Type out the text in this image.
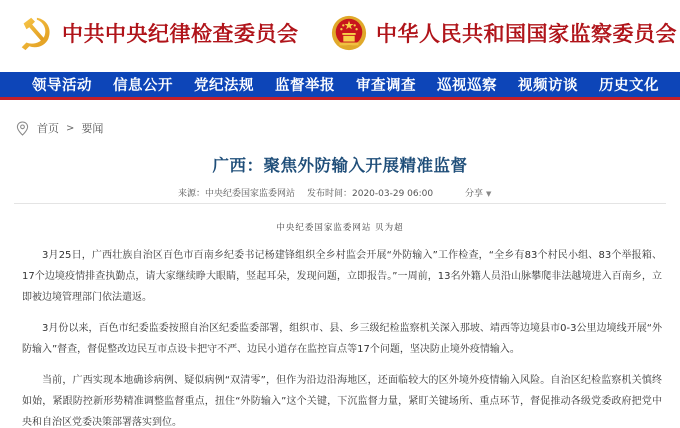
中共中央纪律检查委员会	中华人民共和国国家监察委员会
领导活动 信息公开 党纪法规 监督举报 审查调查 巡视巡察 视频访谈 历史文化
首页 > 要闻
广西：聚焦外防输入开展精准监督
来源：中央纪委国家监委网站 发布时间：2020-03-29 06:00	分享 ▼
中央纪委国家监委网站 贝为超

3月25日，广西壮族自治区百色市百南乡纪委书记杨建锋组织全乡村监会开展“外防输入”工作检查，“全乡有83个村民小组、83个举报箱、17个边境疫情排查执勤点，请大家继续睁大眼睛，竖起耳朵，发现问题，立即报告。”一周前，13名外籍人员沿山脉攀爬非法越境进入百南乡，立即被边境管理部门依法遣返。

3月份以来，百色市纪委监委按照自治区纪委监委部署，组织市、县、乡三级纪检监察机关深入那坡、靖西等边境县市0-3公里边境线开展“外防输入”督查，督促整改边民互市点设卡把守不严、边民小道存在监控盲点等17个问题，坚决防止境外疫情输入。

当前，广西实现本地确诊病例、疑似病例“双清零”，但作为沿边沿海地区，还面临较大的区外境外疫情输入风险。自治区纪检监察机关慎终如始，紧跟防控新形势精准调整监督重点，扭住“外防输入”这个关键，下沉监督力量，紧盯关键场所、重点环节，督促推动各级党委政府把党中央和自治区党委决策部署落实到位。
